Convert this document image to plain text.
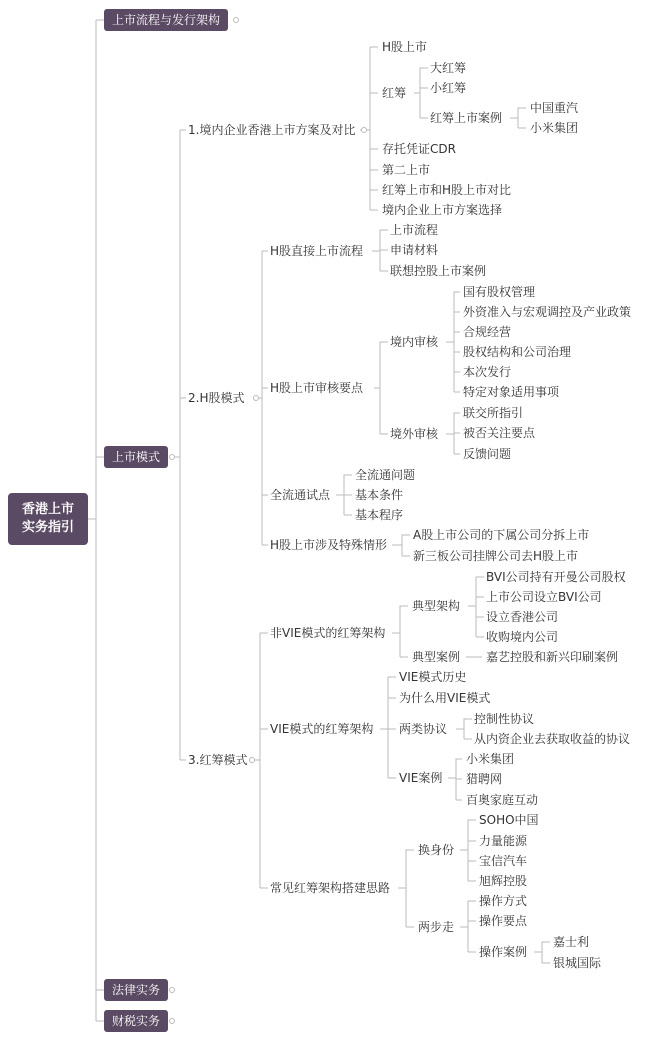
香港上市
实务指引
上市流程与发行架构
上市模式
法律实务
财税实务
1.境内企业香港上市方案及对比
H股上市
红筹
大红筹
小红筹
红筹上市案例
中国重汽
小米集团
存托凭证CDR
第二上市
红筹上市和H股上市对比
境内企业上市方案选择
2.H股模式
H股直接上市流程
上市流程
申请材料
联想控股上市案例
H股上市审核要点
境内审核
国有股权管理
外资准入与宏观调控及产业政策
合规经营
股权结构和公司治理
本次发行
特定对象适用事项
境外审核
联交所指引
被否关注要点
反馈问题
全流通试点
全流通问题
基本条件
基本程序
H股上市涉及特殊情形
A股上市公司的下属公司分拆上市
新三板公司挂牌公司去H股上市
3.红筹模式
非VIE模式的红筹架构
典型架构
BVI公司持有开曼公司股权
上市公司设立BVI公司
设立香港公司
收购境内公司
典型案例 嘉艺控股和新兴印刷案例
VIE模式的红筹架构
VIE模式历史
为什么用VIE模式
两类协议
控制性协议
从内资企业去获取收益的协议
VIE案例
小米集团
猎聘网
百奥家庭互动
常见红筹架构搭建思路
换身份
SOHO中国
力量能源
宝信汽车
旭辉控股
两步走
操作方式
操作要点
操作案例
嘉士利
银城国际
